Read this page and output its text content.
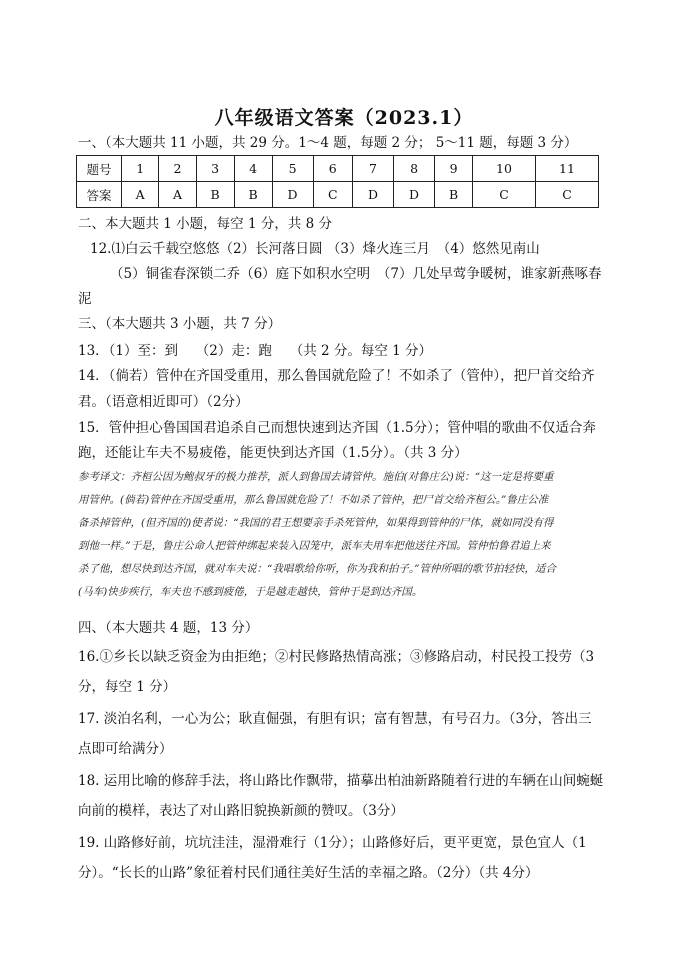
八年级语文答案（2023.1）
一、（本大题共 11 小题，共 29 分。1～4 题，每题 2 分； 5～11 题，每题 3 分）
题号	1	2	3	4	5	6	7	8	9	10	11
答案	A	A	B	B	D	C	D	D	B	C	C
二、本大题共 1 小题，每空 1 分，共 8 分
12.⑴白云千载空悠悠（2）长河落日圆 （3）烽火连三月　（4）悠然见南山
（5）铜雀春深锁二乔（6）庭下如积水空明　（7）几处早莺争暖树，谁家新燕啄春
泥
三、（本大题共 3 小题，共 7 分）
13．（1）至：到　 （2）走：跑　 （共 2 分。每空 1 分）
14．（倘若）管仲在齐国受重用，那么鲁国就危险了！不如杀了（管仲），把尸首交给齐
君。（语意相近即可）（2分）
15．管仲担心鲁国国君追杀自己而想快速到达齐国（1.5分）；管仲唱的歌曲不仅适合奔
跑，还能让车夫不易疲倦，能更快到达齐国（1.5分）。（共 3 分）
参考译文：齐桓公因为鲍叔牙的极力推荐，派人到鲁国去请管仲。施伯(对鲁庄公)说：“这一定是将要重
用管仲。(倘若)管仲在齐国受重用，那么鲁国就危险了！不如杀了管仲，把尸首交给齐桓公。”鲁庄公准
备杀掉管仲，(但齐国的)使者说：“我国的君王想要亲手杀死管仲，如果得到管仲的尸体，就如同没有得
到他一样。”于是，鲁庄公命人把管仲绑起来装入囚笼中，派车夫用车把他送往齐国。管仲怕鲁君追上来
杀了他，想尽快到达齐国，就对车夫说：“我唱歌给你听，你为我和拍子。”管仲所唱的歌节拍轻快，适合
(马车)快步疾行，车夫也不感到疲倦，于是越走越快，管仲于是到达齐国。
四、（本大题共 4 题，13 分）
16.①乡长以缺乏资金为由拒绝；②村民修路热情高涨；③修路启动，村民投工投劳（3
分，每空 1 分）
17. 淡泊名利，一心为公；耿直倔强，有胆有识；富有智慧，有号召力。（3分，答出三
点即可给满分）
18. 运用比喻的修辞手法，将山路比作飘带，描摹出柏油新路随着行进的车辆在山间蜿蜒
向前的模样，表达了对山路旧貌换新颜的赞叹。（3分）
19. 山路修好前，坑坑洼洼，湿滑难行（1分）；山路修好后，更平更宽，景色宜人（1
分）。“长长的山路”象征着村民们通往美好生活的幸福之路。（2分）（共 4分）
